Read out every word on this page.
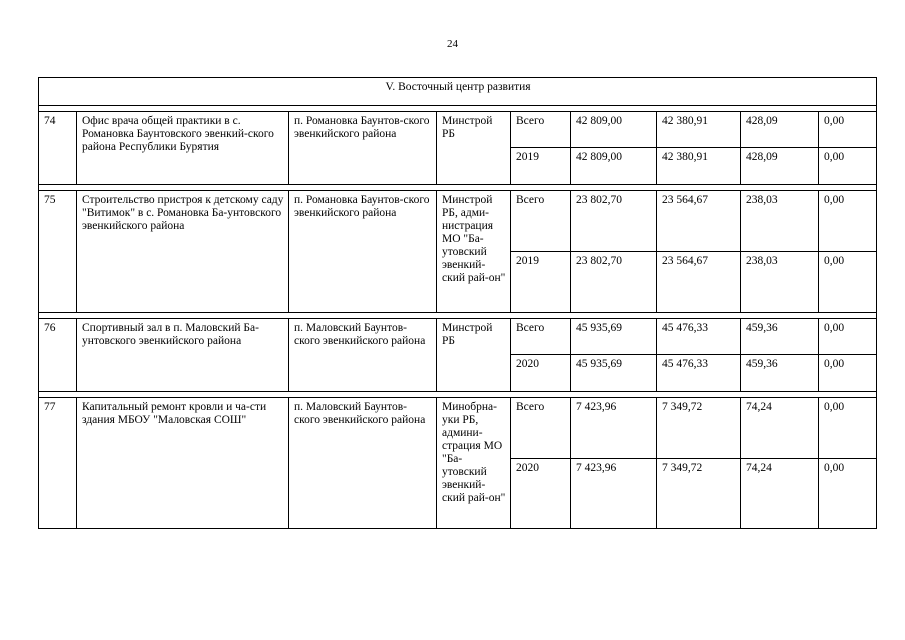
24
V. Восточный центр развития								

74	Офис врача общей практики в с. Романовка Баунтовского эвенкий-ского района Республики Бурятия	п. Романовка Баунтов-ского эвенкийского района	Минстрой РБ	Всего	42 809,00	42 380,91	428,09	0,00
				2019	42 809,00	42 380,91	428,09	0,00

75	Строительство пристроя к детскому саду "Витимок" в с. Романовка Ба-унтовского эвенкийского района	п. Романовка Баунтов-ского эвенкийского района	Минстрой РБ, адми-нистрация МО "Ба-утовский эвенкий-ский рай-он"	Всего	23 802,70	23 564,67	238,03	0,00
				2019	23 802,70	23 564,67	238,03	0,00

76	Спортивный зал в п. Маловский Ба-унтовского эвенкийского района	п. Маловский Баунтов-ского эвенкийского района	Минстрой РБ	Всего	45 935,69	45 476,33	459,36	0,00
				2020	45 935,69	45 476,33	459,36	0,00

77	Капитальный ремонт кровли и ча-сти здания МБОУ "Маловская СОШ"	п. Маловский Баунтов-ского эвенкийского района	Минобрна-уки РБ, админи-страция МО "Ба-утовский эвенкий-ский рай-он"	Всего	7 423,96	7 349,72	74,24	0,00
				2020	7 423,96	7 349,72	74,24	0,00
